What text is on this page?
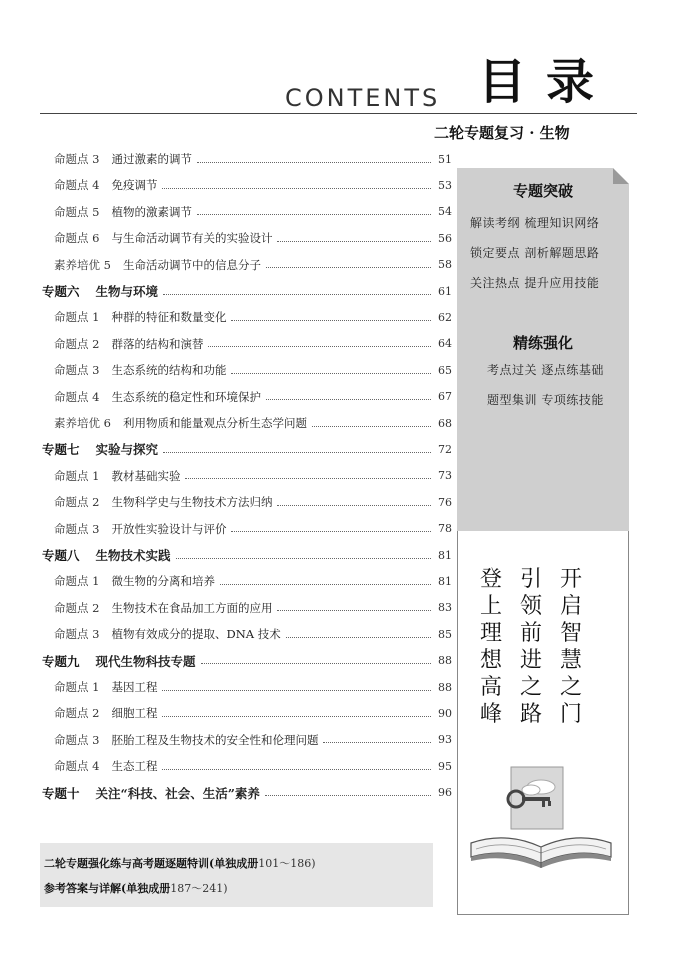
CONTENTS 目录
二轮专题复习 · 生物
命题点 3 通过激素的调节	51
命题点 4 免疫调节	53
命题点 5 植物的激素调节	54
命题点 6 与生命活动调节有关的实验设计	56
素养培优 5 生命活动调节中的信息分子	58
专题六 生物与环境	61
命题点 1 种群的特征和数量变化	62
命题点 2 群落的结构和演替	64
命题点 3 生态系统的结构和功能	65
命题点 4 生态系统的稳定性和环境保护	67
素养培优 6 利用物质和能量观点分析生态学问题	68
专题七 实验与探究	72
命题点 1 教材基础实验	73
命题点 2 生物科学史与生物技术方法归纳	76
命题点 3 开放性实验设计与评价	78
专题八 生物技术实践	81
命题点 1 微生物的分离和培养	81
命题点 2 生物技术在食品加工方面的应用	83
命题点 3 植物有效成分的提取、DNA 技术	85
专题九 现代生物科技专题	88
命题点 1 基因工程	88
命题点 2 细胞工程	90
命题点 3 胚胎工程及生物技术的安全性和伦理问题	93
命题点 4 生态工程	95
专题十 关注“科技、社会、生活”素养	96
二轮专题强化练与高考题逐题特训(单独成册101～186)
参考答案与详解(单独成册187～241)
专题突破
解读考纲 梳理知识网络
锁定要点 剖析解题思路
关注热点 提升应用技能
精练强化
考点过关 逐点练基础
题型集训 专项练技能
登上理想高峰
引领前进之路
开启智慧之门
